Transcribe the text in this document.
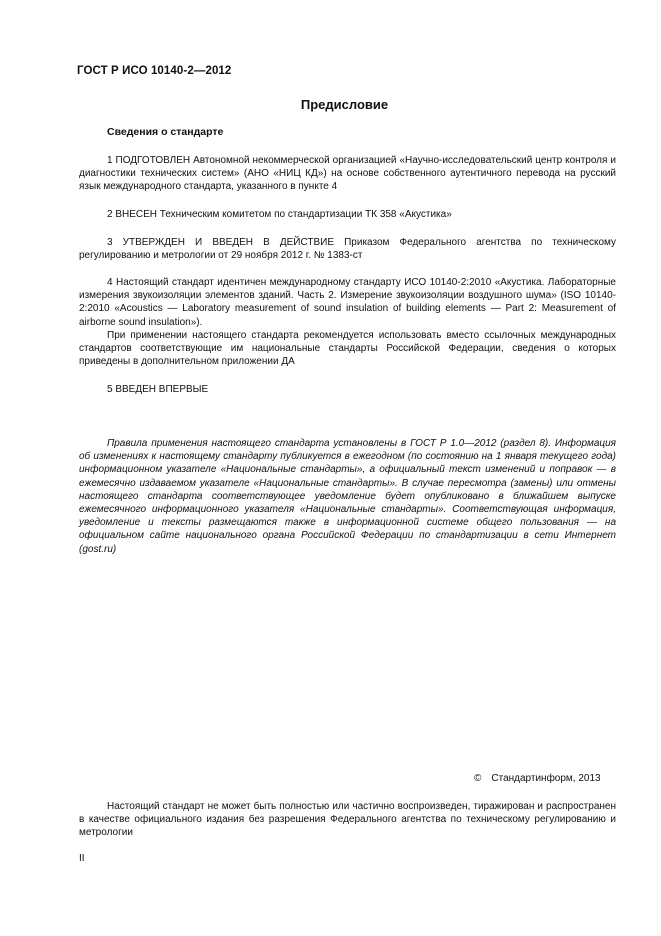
ГОСТ Р ИСО 10140-2—2012
Предисловие
Сведения о стандарте

1 ПОДГОТОВЛЕН Автономной некоммерческой организацией «Научно-исследовательский центр контроля и диагностики технических систем» (АНО «НИЦ КД») на основе собственного аутентичного перевода на русский язык международного стандарта, указанного в пункте 4

2 ВНЕСЕН Техническим комитетом по стандартизации ТК 358 «Акустика»

3 УТВЕРЖДЕН И ВВЕДЕН В ДЕЙСТВИЕ Приказом Федерального агентства по техническому регулированию и метрологии от 29 ноября 2012 г. № 1383-ст

4 Настоящий стандарт идентичен международному стандарту ИСО 10140-2:2010 «Акустика. Лабораторные измерения звукоизоляции элементов зданий. Часть 2. Измерение звукоизоляции воздушного шума» (ISO 10140-2:2010 «Acoustics — Laboratory measurement of sound insulation of building elements — Part 2: Measurement of airborne sound insulation»).

При применении настоящего стандарта рекомендуется использовать вместо ссылочных международных стандартов соответствующие им национальные стандарты Российской Федерации, сведения о которых приведены в дополнительном приложении ДА

5 ВВЕДЕН ВПЕРВЫЕ

Правила применения настоящего стандарта установлены в ГОСТ Р 1.0—2012 (раздел 8). Информация об изменениях к настоящему стандарту публикуется в ежегодном (по состоянию на 1 января текущего года) информационном указателе «Национальные стандарты», а официальный текст изменений и поправок — в ежемесячно издаваемом указателе «Национальные стандарты». В случае пересмотра (замены) или отмены настоящего стандарта соответствующее уведомление будет опубликовано в ближайшем выпуске ежемесячного информационного указателя «Национальные стандарты». Соответствующая информация, уведомление и тексты размещаются также в информационной системе общего пользования — на официальном сайте национального органа Российской Федерации по стандартизации в сети Интернет (gost.ru)

© Стандартинформ, 2013

Настоящий стандарт не может быть полностью или частично воспроизведен, тиражирован и распространен в качестве официального издания без разрешения Федерального агентства по техническому регулированию и метрологии

II
